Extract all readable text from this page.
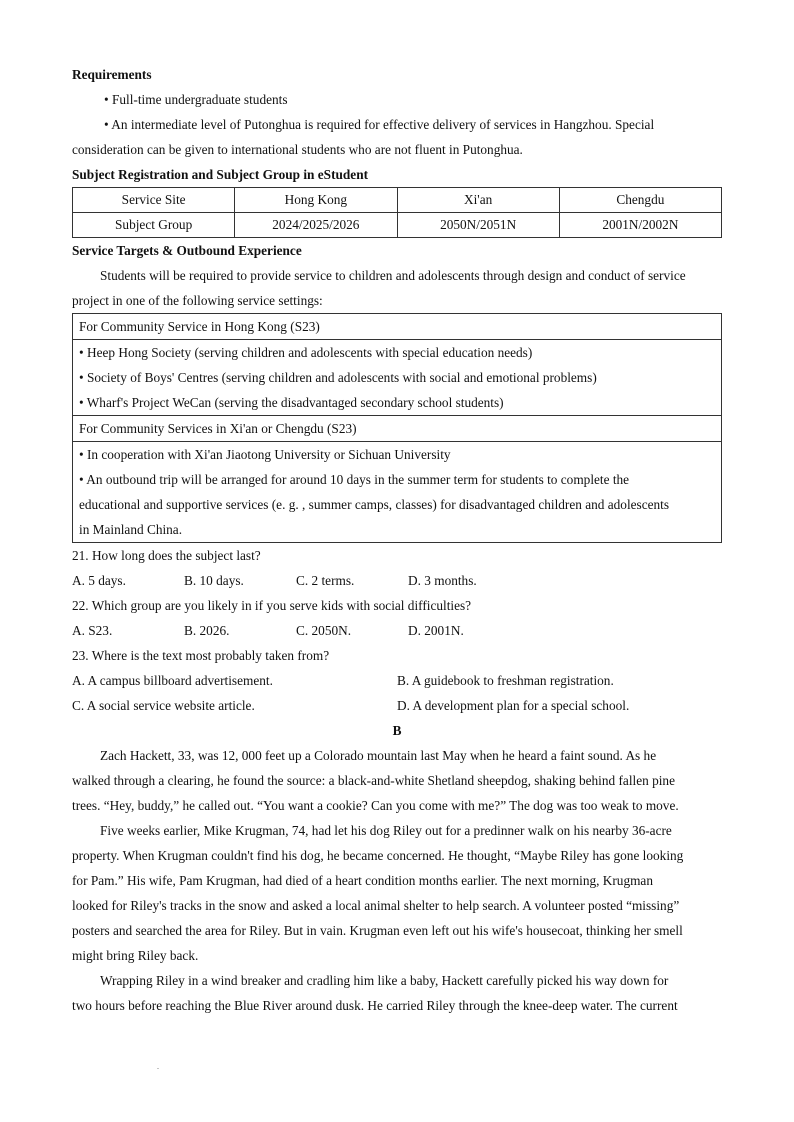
Requirements
• Full-time undergraduate students
• An intermediate level of Putonghua is required for effective delivery of services in Hangzhou. Special
consideration can be given to international students who are not fluent in Putonghua.
Subject Registration and Subject Group in eStudent
Service Site	Hong Kong	Xi'an	Chengdu
Subject Group	2024/2025/2026	2050N/2051N	2001N/2002N
Service Targets & Outbound Experience
Students will be required to provide service to children and adolescents through design and conduct of service
project in one of the following service settings:
For Community Service in Hong Kong (S23)
• Heep Hong Society (serving children and adolescents with special education needs)
• Society of Boys' Centres (serving children and adolescents with social and emotional problems)
• Wharf's Project WeCan (serving the disadvantaged secondary school students)
For Community Services in Xi'an or Chengdu (S23)
• In cooperation with Xi'an Jiaotong University or Sichuan University
• An outbound trip will be arranged for around 10 days in the summer term for students to complete the
educational and supportive services (e. g. , summer camps, classes) for disadvantaged children and adolescents
in Mainland China.
21. How long does the subject last?
A. 5 days.	B. 10 days.	C. 2 terms.	D. 3 months.
22. Which group are you likely in if you serve kids with social difficulties?
A. S23.	B. 2026.	C. 2050N.	D. 2001N.
23. Where is the text most probably taken from?
A. A campus billboard advertisement.	B. A guidebook to freshman registration.
C. A social service website article.	D. A development plan for a special school.
B
Zach Hackett, 33, was 12, 000 feet up a Colorado mountain last May when he heard a faint sound. As he
walked through a clearing, he found the source: a black-and-white Shetland sheepdog, shaking behind fallen pine
trees. “Hey, buddy,” he called out. “You want a cookie? Can you come with me?” The dog was too weak to move.
Five weeks earlier, Mike Krugman, 74, had let his dog Riley out for a predinner walk on his nearby 36-acre
property. When Krugman couldn't find his dog, he became concerned. He thought, “Maybe Riley has gone looking
for Pam.” His wife, Pam Krugman, had died of a heart condition months earlier. The next morning, Krugman
looked for Riley's tracks in the snow and asked a local animal shelter to help search. A volunteer posted “missing”
posters and searched the area for Riley. But in vain. Krugman even left out his wife's housecoat, thinking her smell
might bring Riley back.
Wrapping Riley in a wind breaker and cradling him like a baby, Hackett carefully picked his way down for
two hours before reaching the Blue River around dusk. He carried Riley through the knee-deep water. The current
.
